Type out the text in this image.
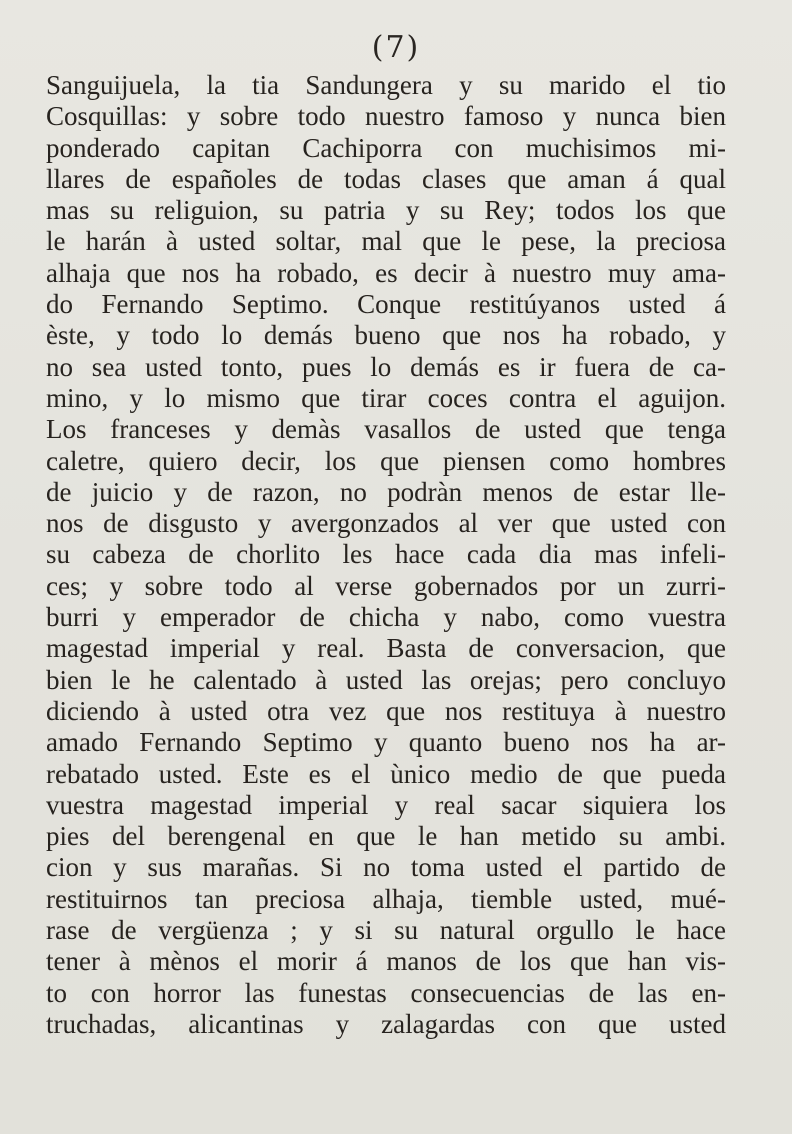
(7)
Sanguijuela, la tia Sandungera y su marido el tio
Cosquillas: y sobre todo nuestro famoso y nunca bien
ponderado capitan Cachiporra con muchisimos mi-
llares de españoles de todas clases que aman á qual
mas su religuion, su patria y su Rey; todos los que
le harán à usted soltar, mal que le pese, la preciosa
alhaja que nos ha robado, es decir à nuestro muy ama-
do Fernando Septimo. Conque restitúyanos usted á
èste, y todo lo demás bueno que nos ha robado, y
no sea usted tonto, pues lo demás es ir fuera de ca-
mino, y lo mismo que tirar coces contra el aguijon.
Los franceses y demàs vasallos de usted que tenga
caletre, quiero decir, los que piensen como hombres
de juicio y de razon, no podràn menos de estar lle-
nos de disgusto y avergonzados al ver que usted con
su cabeza de chorlito les hace cada dia mas infeli-
ces; y sobre todo al verse gobernados por un zurri-
burri y emperador de chicha y nabo, como vuestra
magestad imperial y real. Basta de conversacion, que
bien le he calentado à usted las orejas; pero concluyo
diciendo à usted otra vez que nos restituya à nuestro
amado Fernando Septimo y quanto bueno nos ha ar-
rebatado usted. Este es el ùnico medio de que pueda
vuestra magestad imperial y real sacar siquiera los
pies del berengenal en que le han metido su ambi.
cion y sus marañas. Si no toma usted el partido de
restituirnos tan preciosa alhaja, tiemble usted, mué-
rase de vergüenza ; y si su natural orgullo le hace
tener à mènos el morir á manos de los que han vis-
to con horror las funestas consecuencias de las en-
truchadas, alicantinas y zalagardas con que usted
